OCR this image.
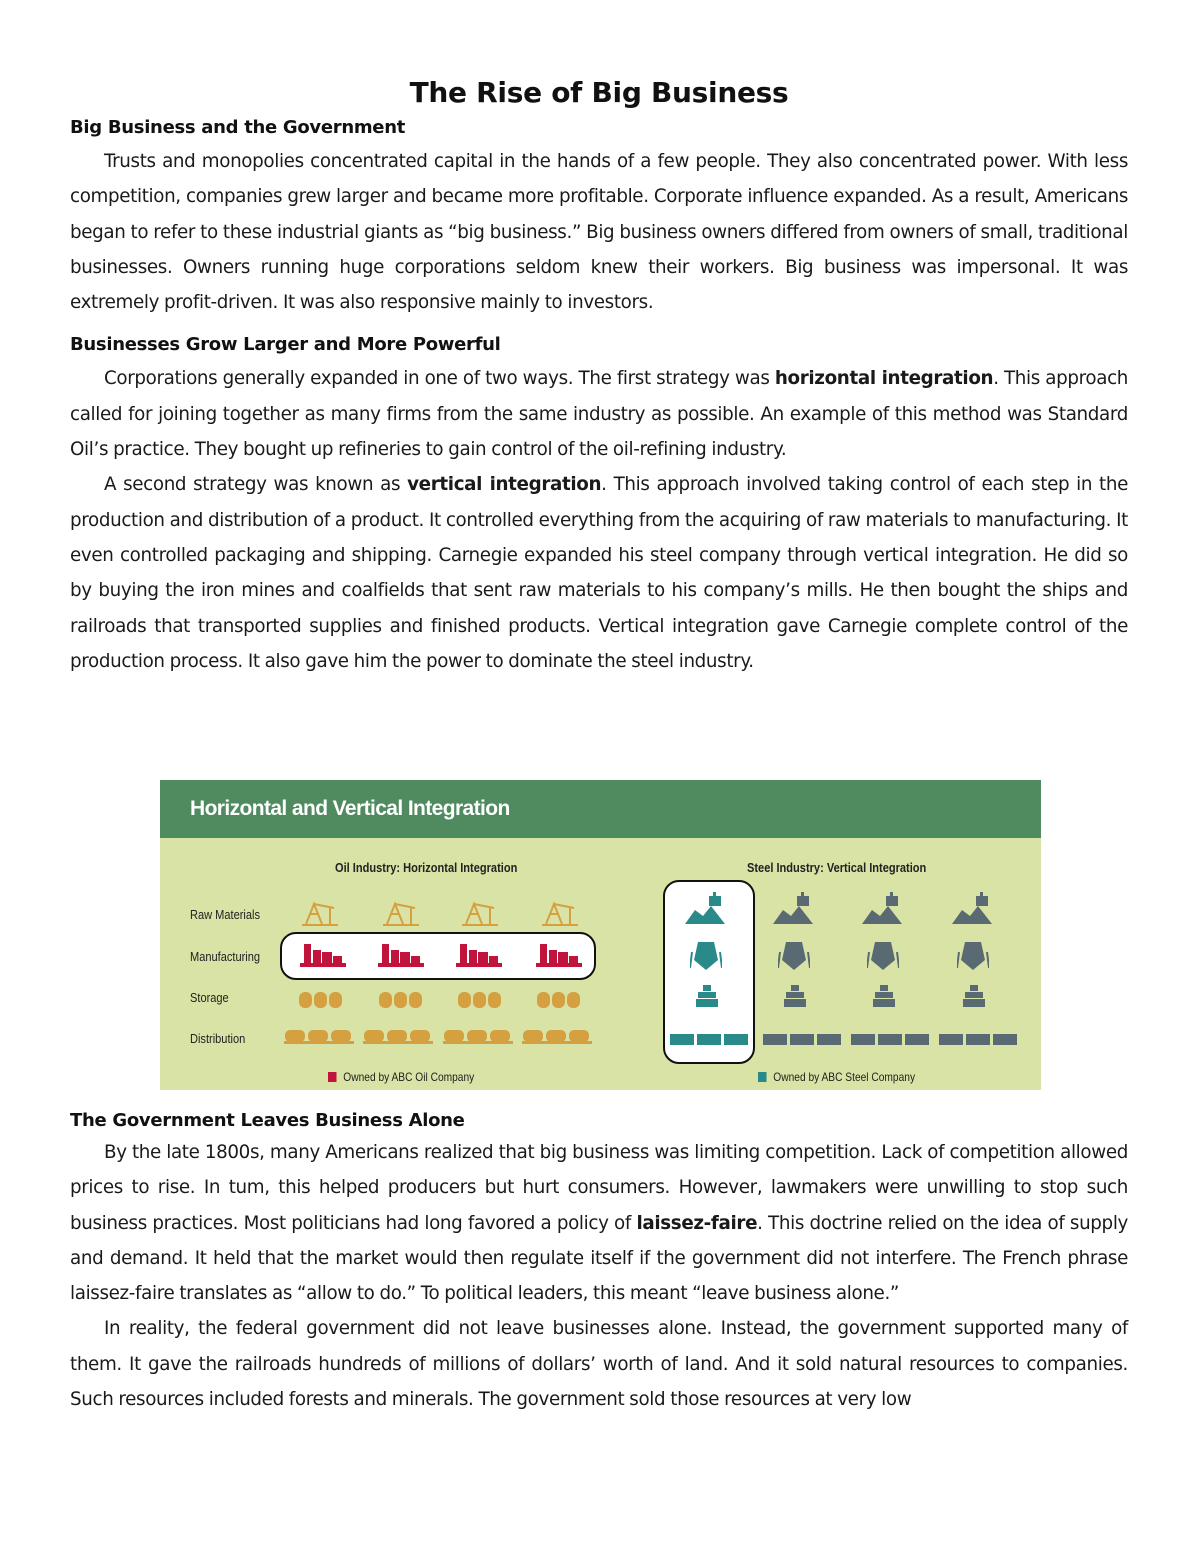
The Rise of Big Business
Big Business and the Government

Trusts and monopolies concentrated capital in the hands of a few people. They also concentrated power. With less competition, companies grew larger and became more profitable. Corporate influence expanded. As a result, Americans began to refer to these industrial giants as “big business.” Big business owners differed from owners of small, traditional businesses. Owners running huge corporations seldom knew their workers. Big business was impersonal. It was extremely profit-driven. It was also responsive mainly to investors.

Businesses Grow Larger and More Powerful

Corporations generally expanded in one of two ways. The first strategy was horizontal integration. This approach called for joining together as many firms from the same industry as possible. An example of this method was Standard Oil’s practice. They bought up refineries to gain control of the oil-refining industry.

A second strategy was known as vertical integration. This approach involved taking control of each step in the production and distribution of a product. It controlled everything from the acquiring of raw materials to manufacturing. It even controlled packaging and shipping. Carnegie expanded his steel company through vertical integration. He did so by buying the iron mines and coalfields that sent raw materials to his company’s mills. He then bought the ships and railroads that transported supplies and finished products. Vertical integration gave Carnegie complete control of the production process. It also gave him the power to dominate the steel industry.

Horizontal and Vertical Integration
Oil Industry: Horizontal Integration	Steel Industry: Vertical Integration
Raw Materials
Manufacturing
Storage
Distribution
Owned by ABC Oil Company	Owned by ABC Steel Company
The Government Leaves Business Alone

By the late 1800s, many Americans realized that big business was limiting competition. Lack of competition allowed prices to rise. In tum, this helped producers but hurt consumers. However, lawmakers were unwilling to stop such business practices. Most politicians had long favored a policy of laissez-faire. This doctrine relied on the idea of supply and demand. It held that the market would then regulate itself if the government did not interfere. The French phrase laissez-faire translates as “allow to do.” To political leaders, this meant “leave business alone.”

In reality, the federal government did not leave businesses alone. Instead, the government supported many of them. It gave the railroads hundreds of millions of dollars’ worth of land. And it sold natural resources to companies. Such resources included forests and minerals. The government sold those resources at very low
